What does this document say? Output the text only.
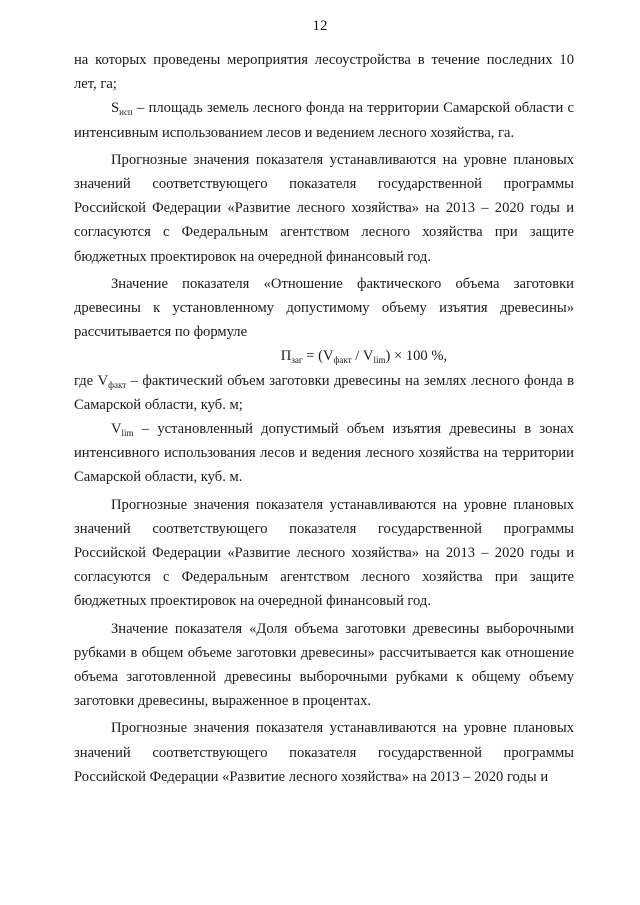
12

на которых проведены мероприятия лесоустройства в течение последних 10 лет, га;

$S_{исп}$ – площадь земель лесного фонда на территории Самарской области с интенсивным использованием лесов и ведением лесного хозяйства, га.

Прогнозные значения показателя устанавливаются на уровне плановых значений соответствующего показателя государственной программы Российской Федерации «Развитие лесного хозяйства» на 2013 – 2020 годы и согласуются с Федеральным агентством лесного хозяйства при защите бюджетных проектировок на очередной финансовый год.

Значение показателя «Отношение фактического объема заготовки древесины к установленному допустимому объему изъятия древесины» рассчитывается по формуле

$П_{заг} = (V_{факт} / V_{lim}) \times 100$ %,

где $V_{факт}$ – фактический объем заготовки древесины на землях лесного фонда в Самарской области, куб. м;

$V_{lim}$ – установленный допустимый объем изъятия древесины в зонах интенсивного использования лесов и ведения лесного хозяйства на территории Самарской области, куб. м.

Прогнозные значения показателя устанавливаются на уровне плановых значений соответствующего показателя государственной программы Российской Федерации «Развитие лесного хозяйства» на 2013 – 2020 годы и согласуются с Федеральным агентством лесного хозяйства при защите бюджетных проектировок на очередной финансовый год.

Значение показателя «Доля объема заготовки древесины выборочными рубками в общем объеме заготовки древесины» рассчитывается как отношение объема заготовленной древесины выборочными рубками к общему объему заготовки древесины, выраженное в процентах.

Прогнозные значения показателя устанавливаются на уровне плановых значений соответствующего показателя государственной программы Российской Федерации «Развитие лесного хозяйства» на 2013 – 2020 годы и
